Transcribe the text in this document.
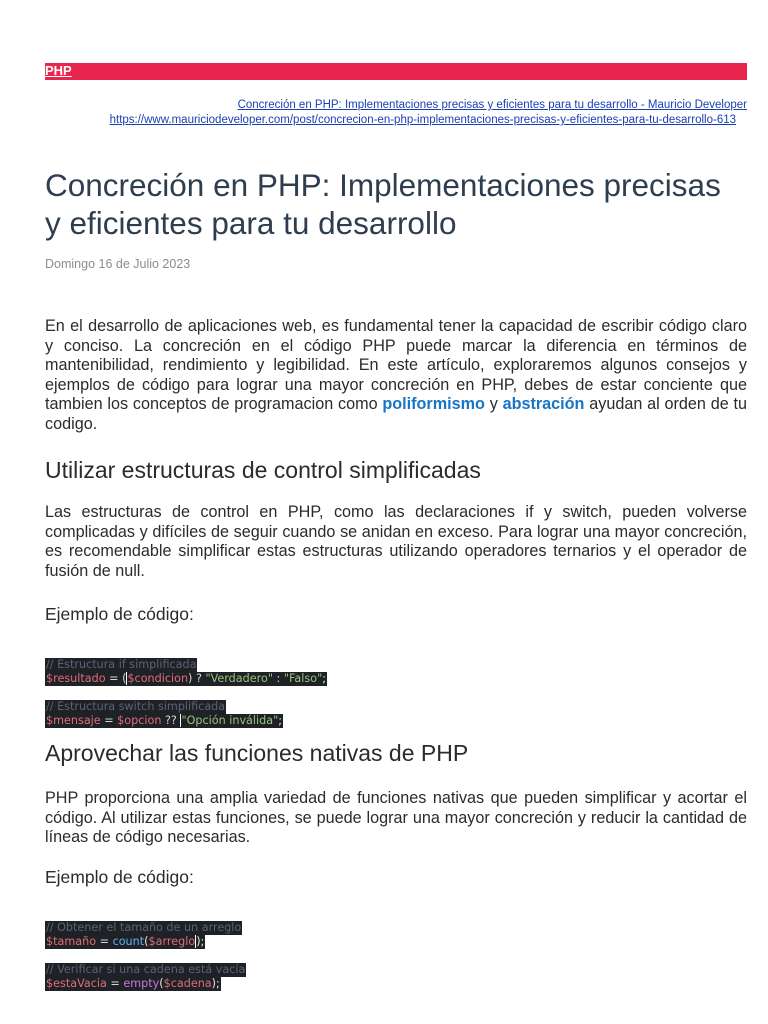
PHP
Concreción en PHP: Implementaciones precisas y eficientes para tu desarrollo - Mauricio Developer
https://www.mauriciodeveloper.com/post/concrecion-en-php-implementaciones-precisas-y-eficientes-para-tu-desarrollo-613
Concreción en PHP: Implementaciones precisas y eficientes para tu desarrollo
Domingo 16 de Julio 2023

En el desarrollo de aplicaciones web, es fundamental tener la capacidad de escribir código claro y conciso. La concreción en el código PHP puede marcar la diferencia en términos de mantenibilidad, rendimiento y legibilidad. En este artículo, exploraremos algunos consejos y ejemplos de código para lograr una mayor concreción en PHP, debes de estar conciente que tambien los conceptos de programacion como poliformismo y abstración ayudan al orden de tu codigo.

Utilizar estructuras de control simplificadas

Las estructuras de control en PHP, como las declaraciones if y switch, pueden volverse complicadas y difíciles de seguir cuando se anidan en exceso. Para lograr una mayor concreción, es recomendable simplificar estas estructuras utilizando operadores ternarios y el operador de fusión de null.

Ejemplo de código:

// Estructura if simplificada
$resultado = ($condicion) ? "Verdadero" : "Falso";

// Estructura switch simplificada
$mensaje = $opcion ?? "Opción inválida";

Aprovechar las funciones nativas de PHP

PHP proporciona una amplia variedad de funciones nativas que pueden simplificar y acortar el código. Al utilizar estas funciones, se puede lograr una mayor concreción y reducir la cantidad de líneas de código necesarias.

Ejemplo de código:

// Obtener el tamaño de un arreglo
$tamaño = count($arreglo);

// Verificar si una cadena está vacía
$estaVacia = empty($cadena);
